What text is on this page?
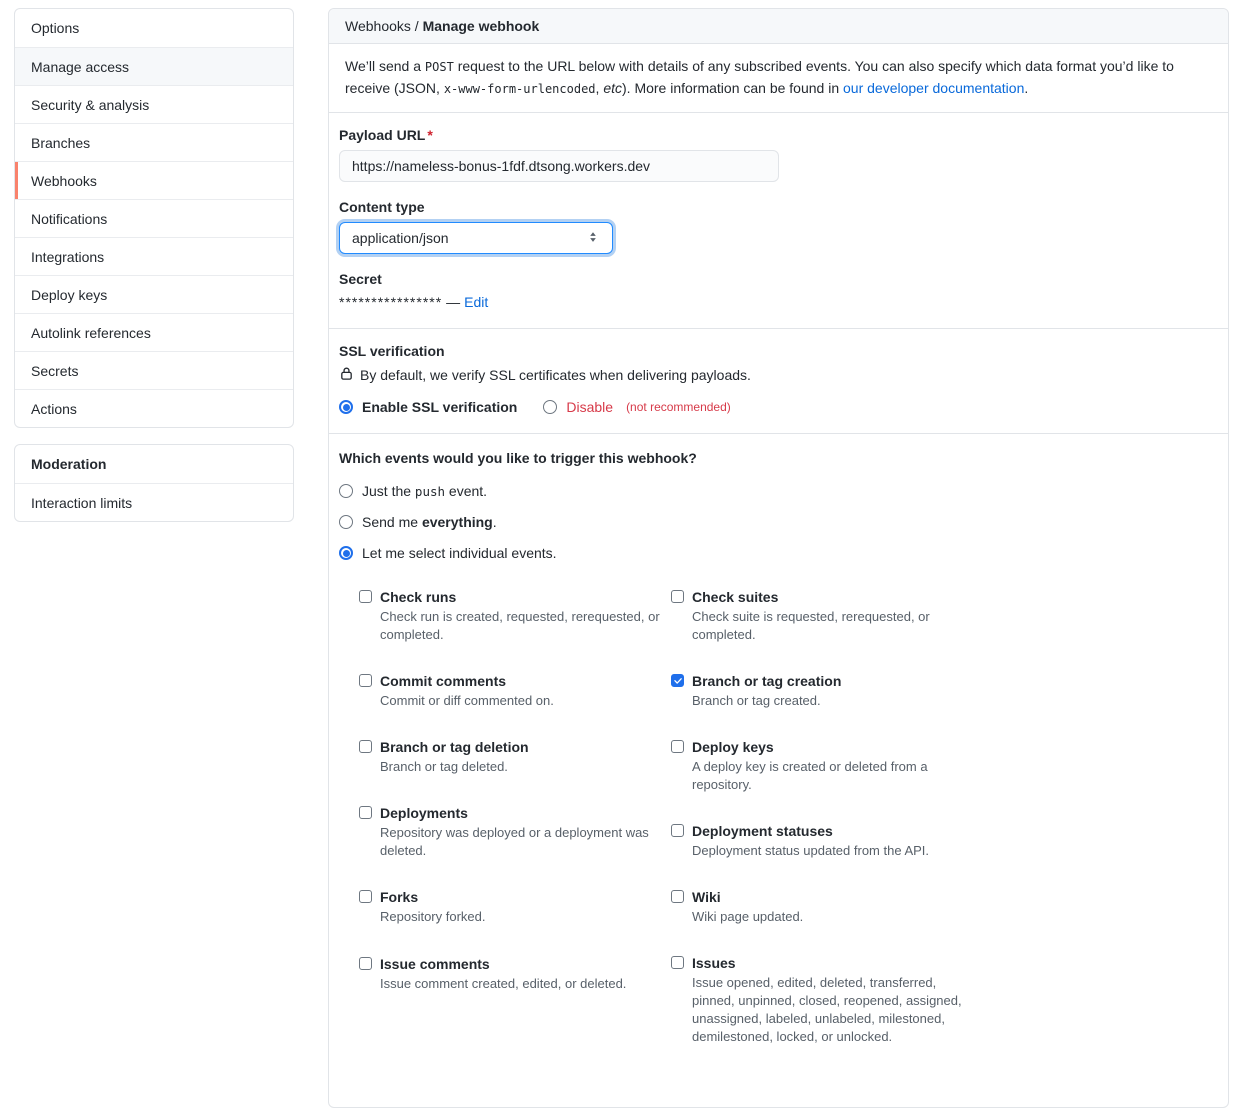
Options
Manage access
Security & analysis
Branches
Webhooks
Notifications
Integrations
Deploy keys
Autolink references
Secrets
Actions
Moderation
Interaction limits
Webhooks / Manage webhook
We’ll send a POST request to the URL below with details of any subscribed events. You can also specify which data format you’d like to receive (JSON, x-www-form-urlencoded, etc). More information can be found in our developer documentation.
Payload URL *
https://nameless-bonus-1fdf.dtsong.workers.dev
Content type
application/json
Secret
**************** — Edit
SSL verification
By default, we verify SSL certificates when delivering payloads.
Enable SSL verification	Disable (not recommended)
Which events would you like to trigger this webhook?
Just the push event.
Send me everything.
Let me select individual events.
Check runs
Check run is created, requested, rerequested, or completed.
Commit comments
Commit or diff commented on.
Branch or tag deletion
Branch or tag deleted.
Deployments
Repository was deployed or a deployment was deleted.
Forks
Repository forked.
Issue comments
Issue comment created, edited, or deleted.
Check suites
Check suite is requested, rerequested, or completed.
Branch or tag creation
Branch or tag created.
Deploy keys
A deploy key is created or deleted from a repository.
Deployment statuses
Deployment status updated from the API.
Wiki
Wiki page updated.
Issues
Issue opened, edited, deleted, transferred, pinned, unpinned, closed, reopened, assigned, unassigned, labeled, unlabeled, milestoned, demilestoned, locked, or unlocked.
